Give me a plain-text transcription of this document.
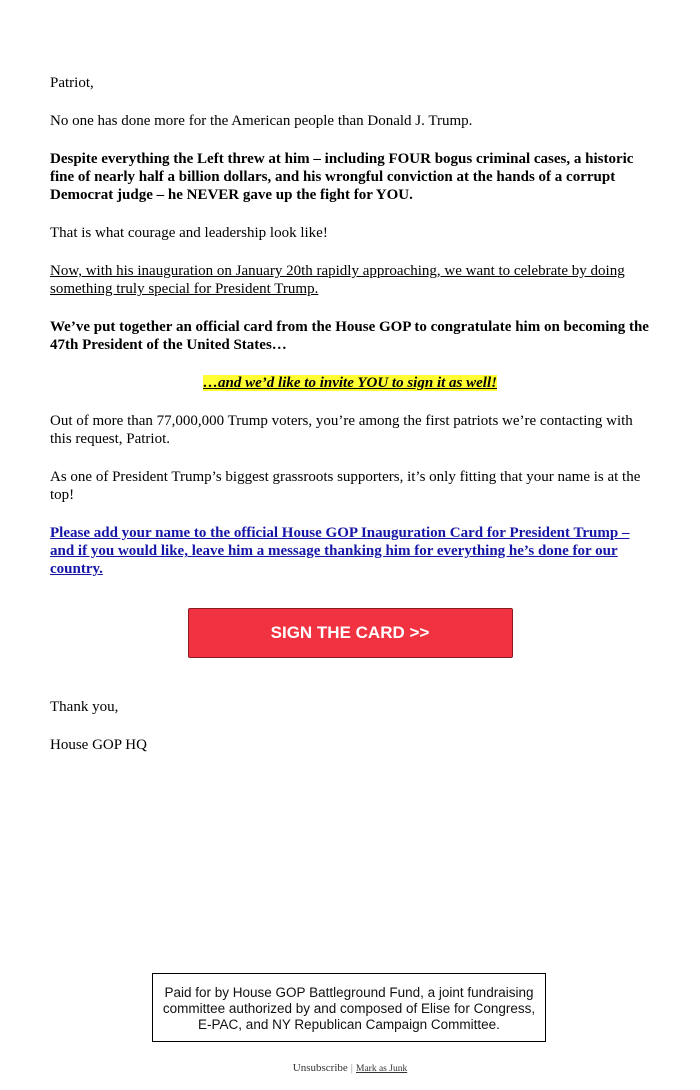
Patriot,

No one has done more for the American people than Donald J. Trump.

Despite everything the Left threw at him – including FOUR bogus criminal cases, a historic fine of nearly half a billion dollars, and his wrongful conviction at the hands of a corrupt Democrat judge – he NEVER gave up the fight for YOU.

That is what courage and leadership look like!

Now, with his inauguration on January 20th rapidly approaching, we want to celebrate by doing something truly special for President Trump.

We’ve put together an official card from the House GOP to congratulate him on becoming the 47th President of the United States…

…and we’d like to invite YOU to sign it as well!

Out of more than 77,000,000 Trump voters, you’re among the first patriots we’re contacting with this request, Patriot.

As one of President Trump’s biggest grassroots supporters, it’s only fitting that your name is at the top!

Please add your name to the official House GOP Inauguration Card for President Trump – and if you would like, leave him a message thanking him for everything he’s done for our country.

SIGN THE CARD >>

Thank you,

House GOP HQ

Paid for by House GOP Battleground Fund, a joint fundraising committee authorized by and composed of Elise for Congress, E-PAC, and NY Republican Campaign Committee.
Unsubscribe | Mark as Junk
